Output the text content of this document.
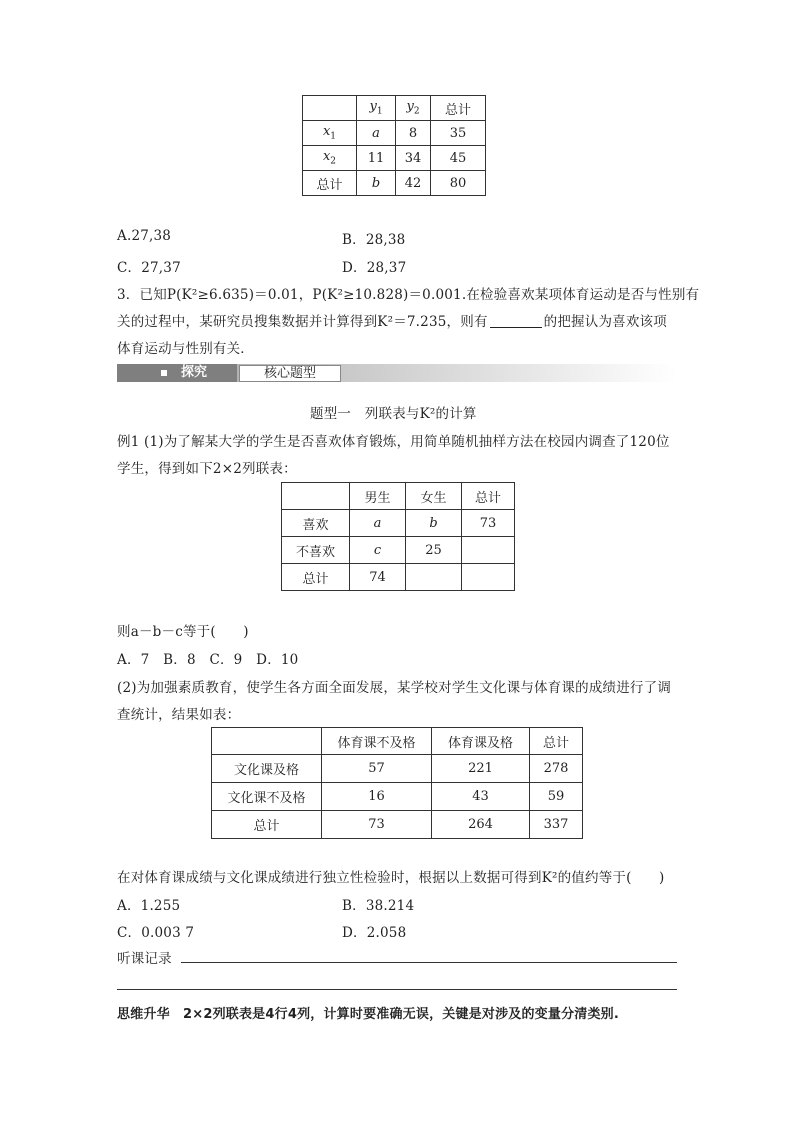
	$y_1$	$y_2$	总计
$x_1$	a	8	35
$x_2$	11	34	45
总计	b	42	80
A.27,38	B．28,38
C．27,37	D．28,37
3．已知P(K²≥6.635)＝0.01，P(K²≥10.828)＝0.001.在检验喜欢某项体育运动是否与性别有
关的过程中，某研究员搜集数据并计算得到K²＝7.235，则有	的把握认为喜欢该项
体育运动与性别有关．
探究	核心题型
题型一　列联表与K²的计算
例1 (1)为了解某大学的学生是否喜欢体育锻炼，用简单随机抽样方法在校园内调查了120位
学生，得到如下2×2列联表：
	男生	女生	总计
喜欢	a	b	73
不喜欢	c	25	
总计	74		
则a－b－c等于(　　)
A．7　B．8　C．9　D．10
(2)为加强素质教育，使学生各方面全面发展，某学校对学生文化课与体育课的成绩进行了调
查统计，结果如表：
	体育课不及格	体育课及格	总计
文化课及格	57	221	278
文化课不及格	16	43	59
总计	73	264	337
在对体育课成绩与文化课成绩进行独立性检验时，根据以上数据可得到K²的值约等于(　　)
A．1.255	B．38.214
C．0.003 7	D．2.058
听课记录
思维升华　2×2列联表是4行4列，计算时要准确无误，关键是对涉及的变量分清类别.
